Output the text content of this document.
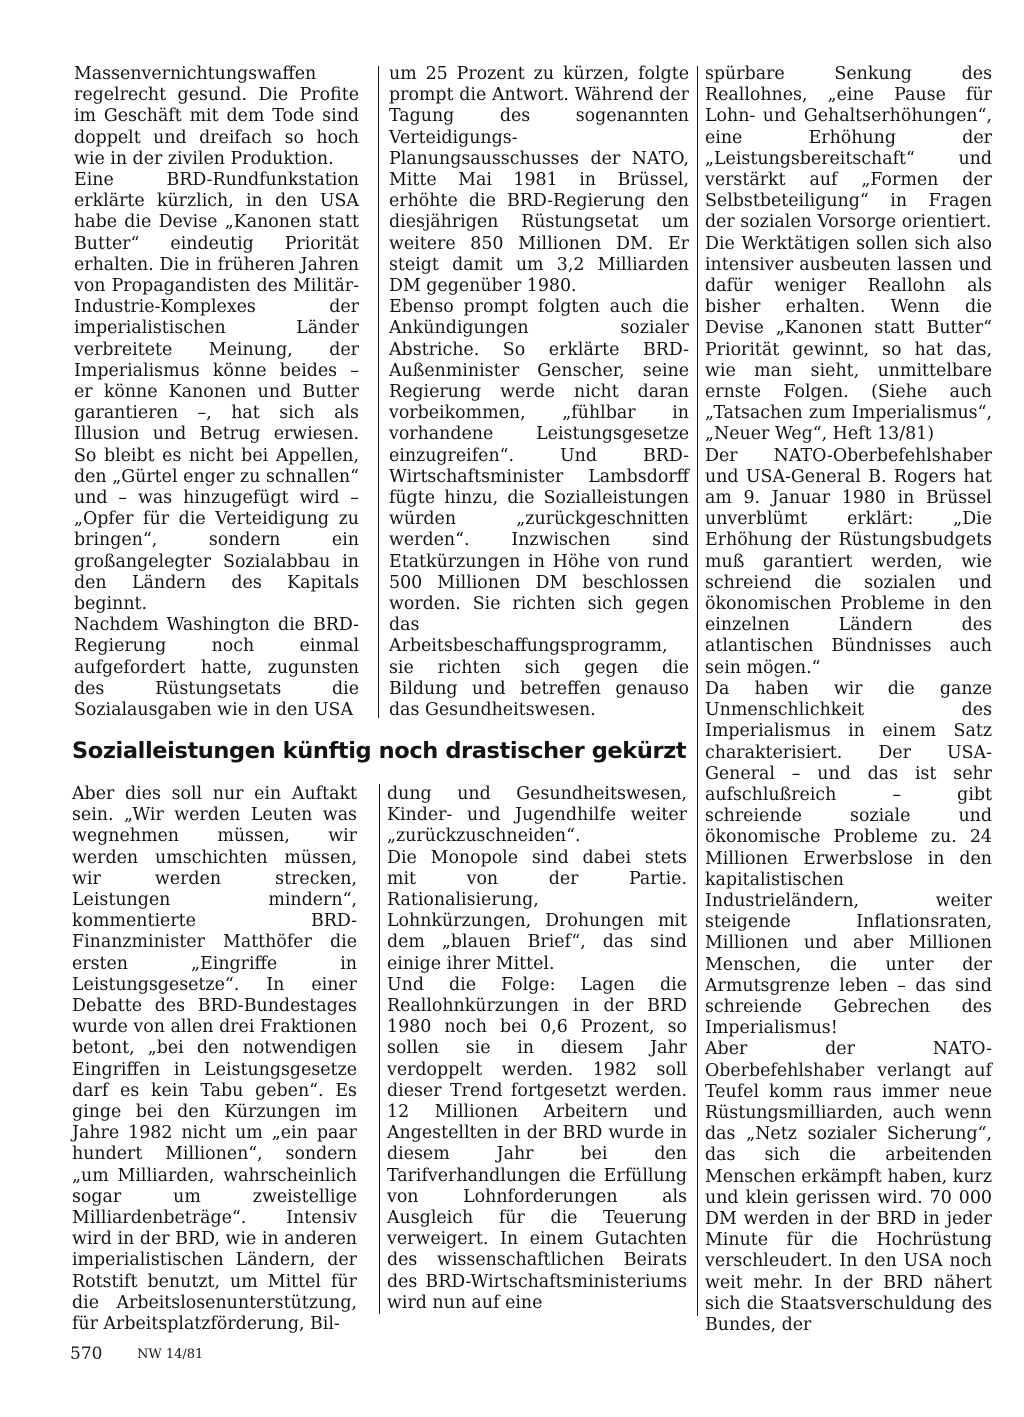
Massenvernichtungswaffen regelrecht gesund. Die Profite im Geschäft mit dem Tode sind doppelt und dreifach so hoch wie in der zivilen Produktion.

Eine BRD-Rundfunkstation erklärte kürzlich, in den USA habe die Devise „Kanonen statt Butter“ eindeutig Priorität erhalten. Die in früheren Jahren von Propagandisten des Militär-Industrie-Komplexes der imperialistischen Länder verbreitete Meinung, der Imperialismus könne beides – er könne Kanonen und Butter garantieren –, hat sich als Illusion und Betrug erwiesen. So bleibt es nicht bei Appellen, den „Gürtel enger zu schnallen“ und – was hinzugefügt wird – „Opfer für die Verteidigung zu bringen“, sondern ein großangelegter Sozialabbau in den Ländern des Kapitals beginnt.

Nachdem Washington die BRD-Regierung noch einmal aufgefordert hatte, zugunsten des Rüstungsetats die Sozialausgaben wie in den USA

um 25 Prozent zu kürzen, folgte prompt die Antwort. Während der Tagung des sogenannten Verteidigungs-Planungsausschusses der NATO, Mitte Mai 1981 in Brüssel, erhöhte die BRD-Regierung den diesjährigen Rüstungsetat um weitere 850 Millionen DM. Er steigt damit um 3,2 Milliarden DM gegenüber 1980.

Ebenso prompt folgten auch die Ankündigungen sozialer Abstriche. So erklärte BRD-Außenminister Genscher, seine Regierung werde nicht daran vorbeikommen, „fühlbar in vorhandene Leistungsgesetze einzugreifen“. Und BRD-Wirtschaftsminister Lambsdorff fügte hinzu, die Sozialleistungen würden „zurückgeschnitten werden“. Inzwischen sind Etatkürzungen in Höhe von rund 500 Millionen DM beschlossen worden. Sie richten sich gegen das Arbeitsbeschaffungsprogramm, sie richten sich gegen die Bildung und betreffen genauso das Gesundheitswesen.

spürbare Senkung des Reallohnes, „eine Pause für Lohn- und Gehaltserhöhungen“, eine Erhöhung der „Leistungsbereitschaft“ und verstärkt auf „Formen der Selbstbeteiligung“ in Fragen der sozialen Vorsorge orientiert.

Die Werktätigen sollen sich also intensiver ausbeuten lassen und dafür weniger Reallohn als bisher erhalten. Wenn die Devise „Kanonen statt Butter“ Priorität gewinnt, so hat das, wie man sieht, unmittelbare ernste Folgen. (Siehe auch „Tatsachen zum Imperialismus“, „Neuer Weg“, Heft 13/81)

Der NATO-Oberbefehlshaber und USA-General B. Rogers hat am 9. Januar 1980 in Brüssel unverblümt erklärt: „Die Erhöhung der Rüstungsbudgets muß garantiert werden, wie schreiend die sozialen und ökonomischen Probleme in den einzelnen Ländern des atlantischen Bündnisses auch sein mögen.“

Da haben wir die ganze Unmenschlichkeit des Imperialismus in einem Satz charakterisiert. Der USA-General – und das ist sehr aufschlußreich – gibt schreiende soziale und ökonomische Probleme zu. 24 Millionen Erwerbslose in den kapitalistischen Industrieländern, weiter steigende Inflationsraten, Millionen und aber Millionen Menschen, die unter der Armutsgrenze leben – das sind schreiende Gebrechen des Imperialismus!

Aber der NATO-Oberbefehlshaber verlangt auf Teufel komm raus immer neue Rüstungsmilliarden, auch wenn das „Netz sozialer Sicherung“, das sich die arbeitenden Menschen erkämpft haben, kurz und klein gerissen wird. 70 000 DM werden in der BRD in jeder Minute für die Hochrüstung verschleudert. In den USA noch weit mehr. In der BRD nähert sich die Staatsverschuldung des Bundes, der

Sozialleistungen künftig noch drastischer gekürzt

Aber dies soll nur ein Auftakt sein. „Wir werden Leuten was wegnehmen müssen, wir werden umschichten müssen, wir werden strecken, Leistungen mindern“, kommentierte BRD-Finanzminister Matthöfer die ersten „Eingriffe in Leistungsgesetze“. In einer Debatte des BRD-Bundestages wurde von allen drei Fraktionen betont, „bei den notwendigen Eingriffen in Leistungsgesetze darf es kein Tabu geben“. Es ginge bei den Kürzungen im Jahre 1982 nicht um „ein paar hundert Millionen“, sondern „um Milliarden, wahrscheinlich sogar um zweistellige Milliardenbeträge“. Intensiv wird in der BRD, wie in anderen imperialistischen Ländern, der Rotstift benutzt, um Mittel für die Arbeitslosenunterstützung, für Arbeitsplatzförderung, Bil-

dung und Gesundheitswesen, Kinder- und Jugendhilfe weiter „zurückzuschneiden“.

Die Monopole sind dabei stets mit von der Partie. Rationalisierung, Lohnkürzungen, Drohungen mit dem „blauen Brief“, das sind einige ihrer Mittel.

Und die Folge: Lagen die Reallohnkürzungen in der BRD 1980 noch bei 0,6 Prozent, so sollen sie in diesem Jahr verdoppelt werden. 1982 soll dieser Trend fortgesetzt werden. 12 Millionen Arbeitern und Angestellten in der BRD wurde in diesem Jahr bei den Tarifverhandlungen die Erfüllung von Lohnforderungen als Ausgleich für die Teuerung verweigert. In einem Gutachten des wissenschaftlichen Beirats des BRD-Wirtschaftsministeriums wird nun auf eine

570	NW 14/81
